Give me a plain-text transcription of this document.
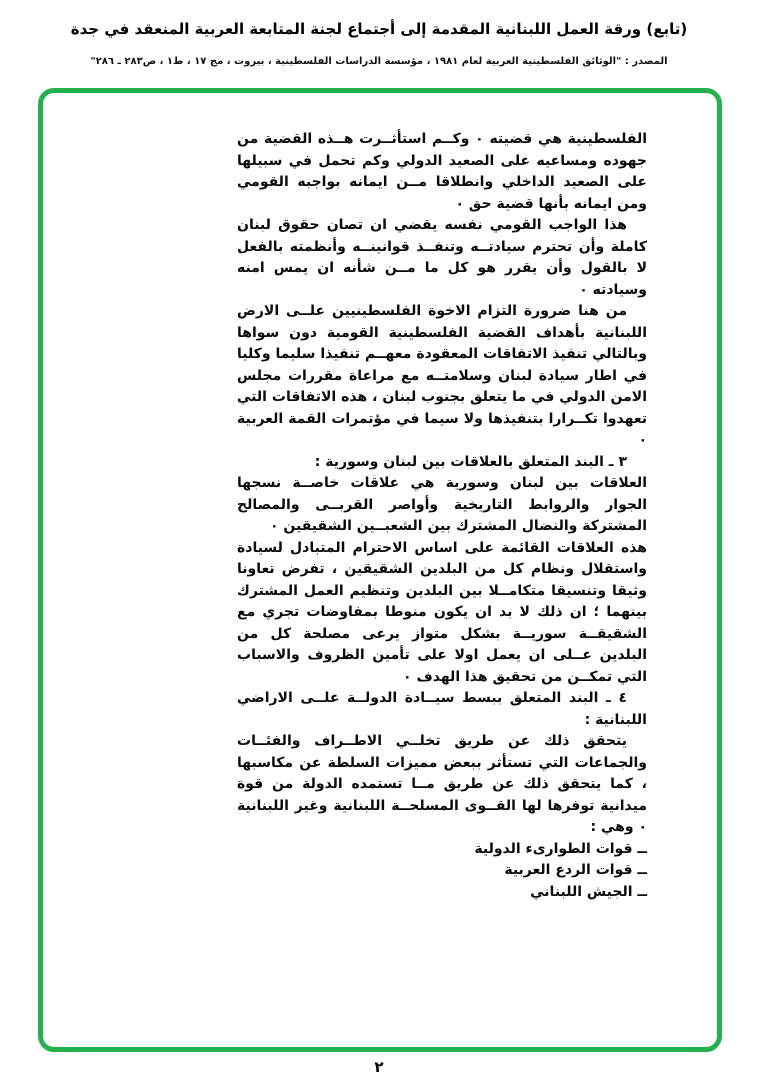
(تابع) ورقة العمل اللبنانية المقدمة إلى أجتماع لجنة المتابعة العربية المنعقد في جدة
المصدر : "الوثائق الفلسطينية العربية لعام ١٩٨١ ، مؤسسة الدراسات الفلسطينية ، بيروت ، مج ١٧ ، ط١ ، ص٢٨٣ ـ ٢٨٦"

الفلسطينية هي قضيته ٠ وكــم استأثــرت هــذه القضية من جهوده ومساعيه على الصعيد الدولي وكم تحمل في سبيلها على الصعيد الداخلي وانطلاقا مــن ايمانه بواجبه القومي ومن ايمانه بأنها قضية حق ٠

هذا الواجب القومي نفسه يقضي ان تصان حقوق لبنان كاملة وأن تحترم سيادتــه وتنفــذ قوانينــه وأنظمته بالفعل لا بالقول وأن يقرر هو كل ما مــن شأنه ان يمس امنه وسيادته ٠

من هنا ضرورة التزام الاخوة الفلسطينيين علــى الارض اللبنانية بأهداف القضية الفلسطينية القومية دون سواها وبالتالي تنفيذ الاتفاقات المعقودة معهــم تنفيذا سليما وكليا في اطار سيادة لبنان وسلامتــه مع مراعاة مقررات مجلس الامن الدولي في ما يتعلق بجنوب لبنان ، هذه الاتفاقات التي تعهدوا تكــرارا بتنفيذها ولا سيما في مؤتمرات القمة العربية ٠

٣ ـ البند المتعلق بالعلاقات بين لبنان وسورية :

العلاقات بين لبنان وسورية هي علاقات خاصــة نسجها الجوار والروابط التاريخية وأواصر القربــى والمصالح المشتركة والنضال المشترك بين الشعبــين الشقيقين ٠

هذه العلاقات القائمة على اساس الاحترام المتبادل لسيادة واستقلال ونظام كل من البلدين الشقيقين ، تفرض تعاونا وثيقا وتنسيقا متكامــلا بين البلدين وتنظيم العمل المشترك بينهما ؛ ان ذلك لا بد ان يكون منوطا بمفاوضات تجري مع الشقيقــة سوريــة بشكل متواز يرعى مصلحة كل من البلدين عــلى ان يعمل اولا على تأمين الظروف والاسباب التي تمكــن من تحقيق هذا الهدف ٠

٤ ـ البند المتعلق ببسط سيــادة الدولــة علــى الاراضي اللبنانية :

يتحقق ذلك عن طريق تخلــي الاطــراف والفئــات والجماعات التي تستأثر ببعض مميزات السلطة عن مكاسبها ، كما يتحقق ذلك عن طريق مــا تستمده الدولة من قوة ميدانية توفرها لها القــوى المسلحــة اللبنانية وغير اللبنانية ٠ وهي :

ــ قوات الطوارىء الدولية

ــ قوات الردع العربية

ــ الجيش اللبناني

٢
